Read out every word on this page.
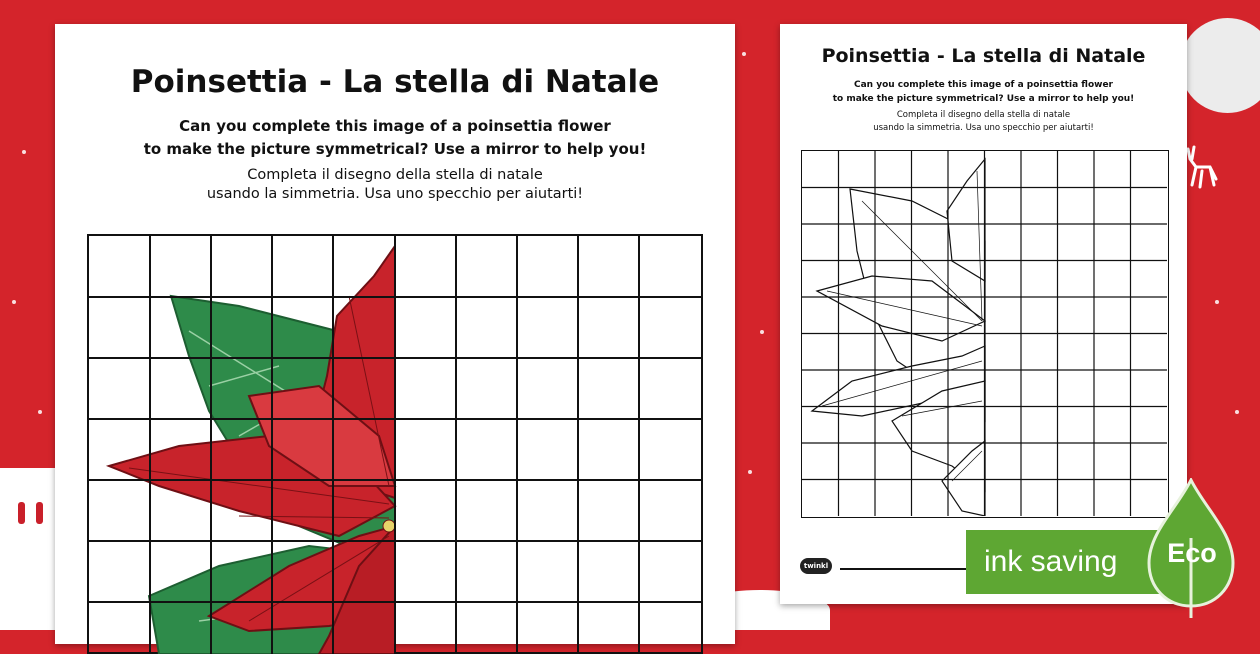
Poinsettia - La stella di Natale
Can you complete this image of a poinsettia flower
to make the picture symmetrical? Use a mirror to help you!
Completa il disegno della stella di natale
usando la simmetria. Usa uno specchio per aiutarti!
Poinsettia - La stella di Natale
Can you complete this image of a poinsettia flower
to make the picture symmetrical? Use a mirror to help you!
Completa il disegno della stella di natale
usando la simmetria. Usa uno specchio per aiutarti!
twinkl	ink saving	Eco
